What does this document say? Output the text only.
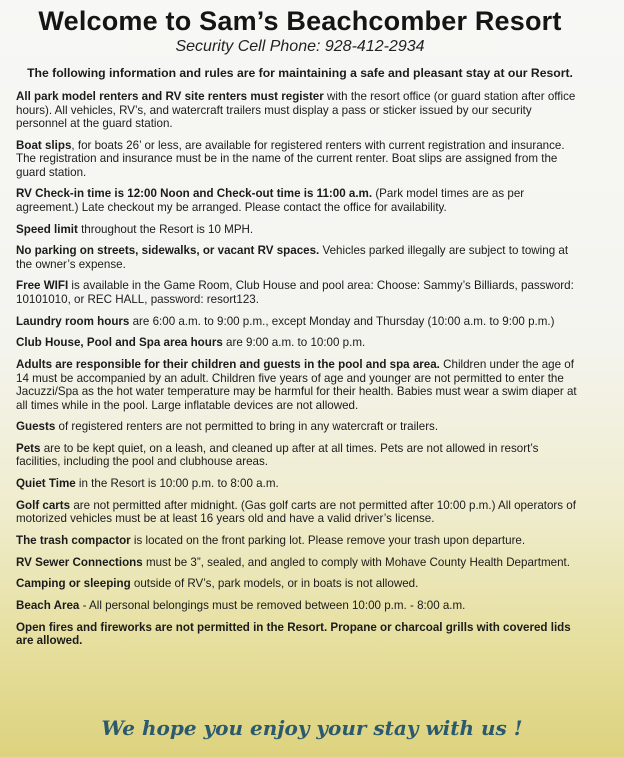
Welcome to Sam’s Beachcomber Resort
Security Cell Phone: 928-412-2934
The following information and rules are for maintaining a safe and pleasant stay at our Resort.
All park model renters and RV site renters must register with the resort office (or guard station after office hours). All vehicles, RV’s, and watercraft trailers must display a pass or sticker issued by our security personnel at the guard station.
Boat slips, for boats 26’ or less, are available for registered renters with current registration and insurance. The registration and insurance must be in the name of the current renter. Boat slips are assigned from the guard station.
RV Check-in time is 12:00 Noon and Check-out time is 11:00 a.m. (Park model times are as per agreement.) Late checkout my be arranged. Please contact the office for availability.
Speed limit throughout the Resort is 10 MPH.
No parking on streets, sidewalks, or vacant RV spaces. Vehicles parked illegally are subject to towing at the owner’s expense.
Free WIFI is available in the Game Room, Club House and pool area: Choose: Sammy’s Billiards, password: 10101010, or REC HALL, password: resort123.
Laundry room hours are 6:00 a.m. to 9:00 p.m., except Monday and Thursday (10:00 a.m. to 9:00 p.m.)
Club House, Pool and Spa area hours are 9:00 a.m. to 10:00 p.m.
Adults are responsible for their children and guests in the pool and spa area. Children under the age of 14 must be accompanied by an adult. Children five years of age and younger are not permitted to enter the Jacuzzi/Spa as the hot water temperature may be harmful for their health. Babies must wear a swim diaper at all times while in the pool. Large inflatable devices are not allowed.
Guests of registered renters are not permitted to bring in any watercraft or trailers.
Pets are to be kept quiet, on a leash, and cleaned up after at all times. Pets are not allowed in resort’s facilities, including the pool and clubhouse areas.
Quiet Time in the Resort is 10:00 p.m. to 8:00 a.m.
Golf carts are not permitted after midnight. (Gas golf carts are not permitted after 10:00 p.m.) All operators of motorized vehicles must be at least 16 years old and have a valid driver’s license.
The trash compactor is located on the front parking lot. Please remove your trash upon departure.
RV Sewer Connections must be 3”, sealed, and angled to comply with Mohave County Health Department.
Camping or sleeping outside of RV’s, park models, or in boats is not allowed.
Beach Area - All personal belongings must be removed between 10:00 p.m. - 8:00 a.m.
Open fires and fireworks are not permitted in the Resort. Propane or charcoal grills with covered lids are allowed.
We hope you enjoy your stay with us !
